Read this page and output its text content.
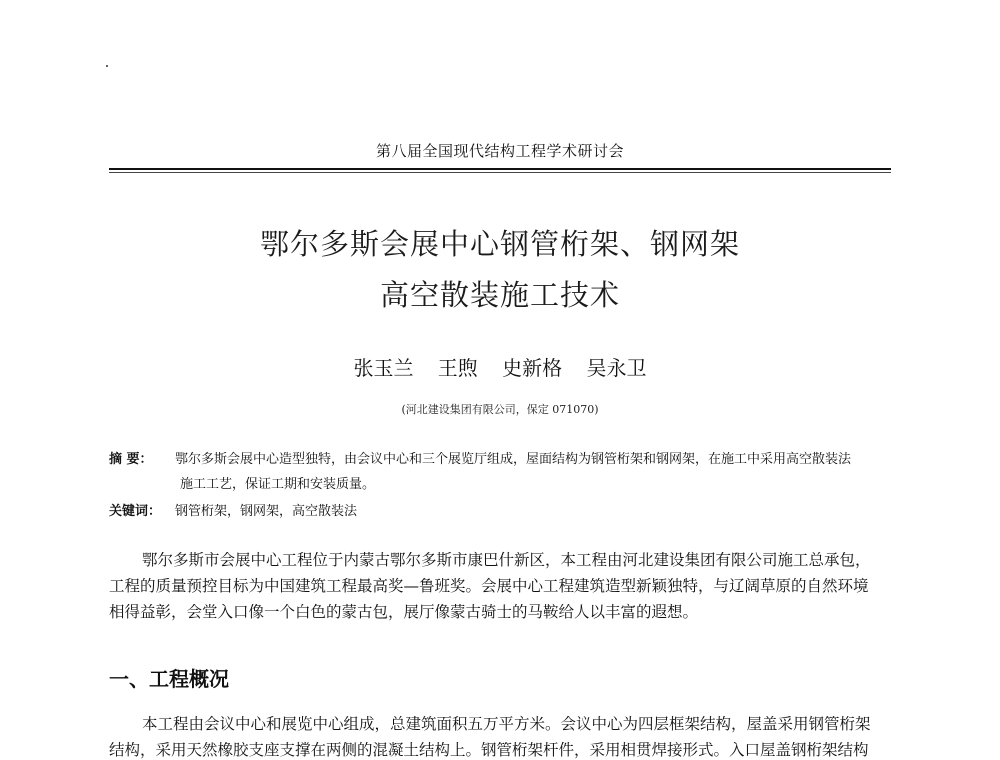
第八届全国现代结构工程学术研讨会
鄂尔多斯会展中心钢管桁架、钢网架
高空散装施工技术
张玉兰 王煦 史新格 吴永卫
(河北建设集团有限公司，保定 071070)
摘 要： 鄂尔多斯会展中心造型独特，由会议中心和三个展览厅组成，屋面结构为钢管桁架和钢网架，在施工中采用高空散装法
施工工艺，保证工期和安装质量。
关键词： 钢管桁架，钢网架，高空散装法
鄂尔多斯市会展中心工程位于内蒙古鄂尔多斯市康巴什新区，本工程由河北建设集团有限公司施工总承包，
工程的质量预控目标为中国建筑工程最高奖—鲁班奖。会展中心工程建筑造型新颖独特，与辽阔草原的自然环境
相得益彰，会堂入口像一个白色的蒙古包，展厅像蒙古骑士的马鞍给人以丰富的遐想。
一、工程概况
本工程由会议中心和展览中心组成，总建筑面积五万平方米。会议中心为四层框架结构，屋盖采用钢管桁架
结构，采用天然橡胶支座支撑在两侧的混凝土结构上。钢管桁架杆件，采用相贯焊接形式。入口屋盖钢桁架结构
